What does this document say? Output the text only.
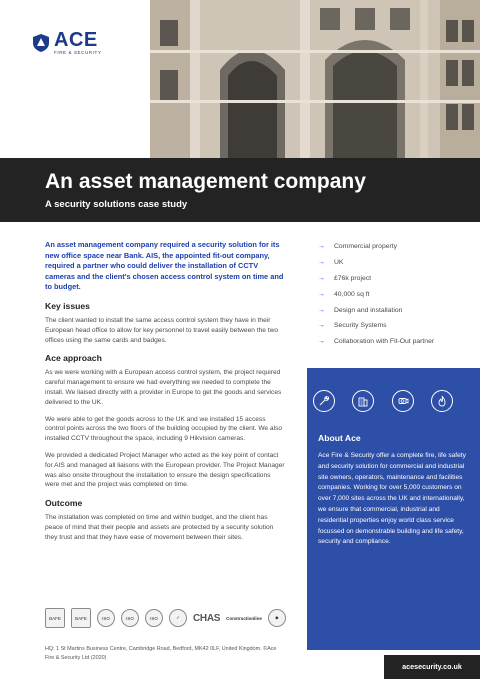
ACE
FIRE & SECURITY
An asset management company
A security solutions case study

An asset management company required a security solution for its new office space near Bank. AIS, the appointed fit-out company, required a partner who could deliver the installation of CCTV cameras and the client's chosen access control system on time and to budget.

Key issues

The client wanted to install the same access control system they have in their European head office to allow for key personnel to travel easily between the two offices using the same cards and badges.

Ace approach

As we were working with a European access control system, the project required careful management to ensure we had everything we needed to complete the install. We liaised directly with a provider in Europe to get the goods and services delivered to the UK.

We were able to get the goods across to the UK and we installed 15 access control points across the two floors of the building occupied by the client. We also installed CCTV throughout the space, including 9 Hikvision cameras.

We provided a dedicated Project Manager who acted as the key point of contact for AIS and managed all liaisons with the European provider. The Project Manager was also onsite throughout the installation to ensure the design specifications were met and the project was completed on time.

Outcome

The installation was completed on time and within budget, and the client has peace of mind that their people and assets are protected by a security solution they trust and that they have ease of movement between their sites.

→	Commercial property
→	UK
→	£76k project
→	40,000 sq ft
→	Design and installation
→	Security Systems
→	Collaboration with Fit-Out partner
About Ace

Ace Fire & Security offer a complete fire, life safety and security solution for commercial and industrial site owners, operators, maintenance and facilities companies. Working for over 5,000 customers on over 7,000 sites across the UK and internationally, we ensure that commercial, industrial and residential properties enjoy world class service focussed on demonstrable building and life safety, security and compliance.

BAFE	BAFE	ISO	ISO	ISO	✓	CHAS Constructionline	◆

HQ: 1 St Martins Business Centre, Cambridge Road, Bedford, MK42 0LF, United Kingdom. ©Ace Fire & Security Ltd (2020)

acesecurity.co.uk
